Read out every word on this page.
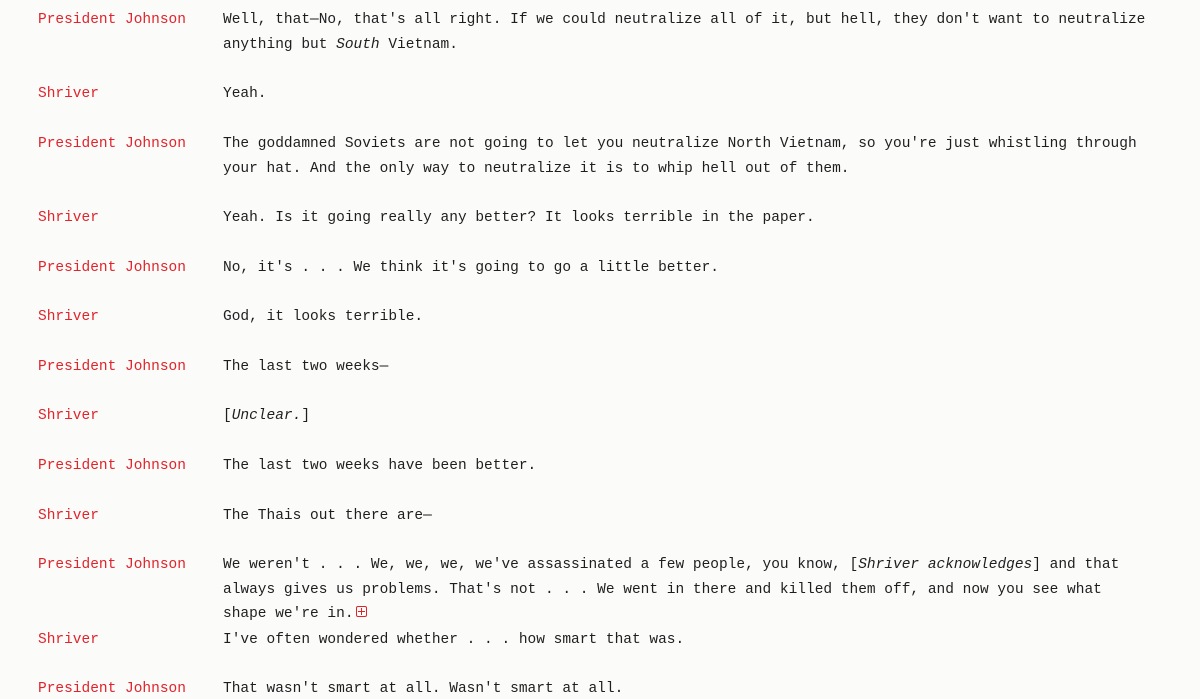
President Johnson	Well, that—No, that's all right. If we could neutralize all of it, but hell, they don't want to neutralize anything but South Vietnam.
Shriver	Yeah.
President Johnson	The goddamned Soviets are not going to let you neutralize North Vietnam, so you're just whistling through your hat. And the only way to neutralize it is to whip hell out of them.
Shriver	Yeah. Is it going really any better? It looks terrible in the paper.
President Johnson	No, it's . . . We think it's going to go a little better.
Shriver	God, it looks terrible.
President Johnson	The last two weeks—
Shriver	[Unclear.]
President Johnson	The last two weeks have been better.
Shriver	The Thais out there are—
President Johnson	We weren't . . . We, we, we, we've assassinated a few people, you know, [Shriver acknowledges] and that always gives us problems. That's not . . . We went in there and killed them off, and now you see what shape we're in.
Shriver	I've often wondered whether . . . how smart that was.
President Johnson	That wasn't smart at all. Wasn't smart at all.
